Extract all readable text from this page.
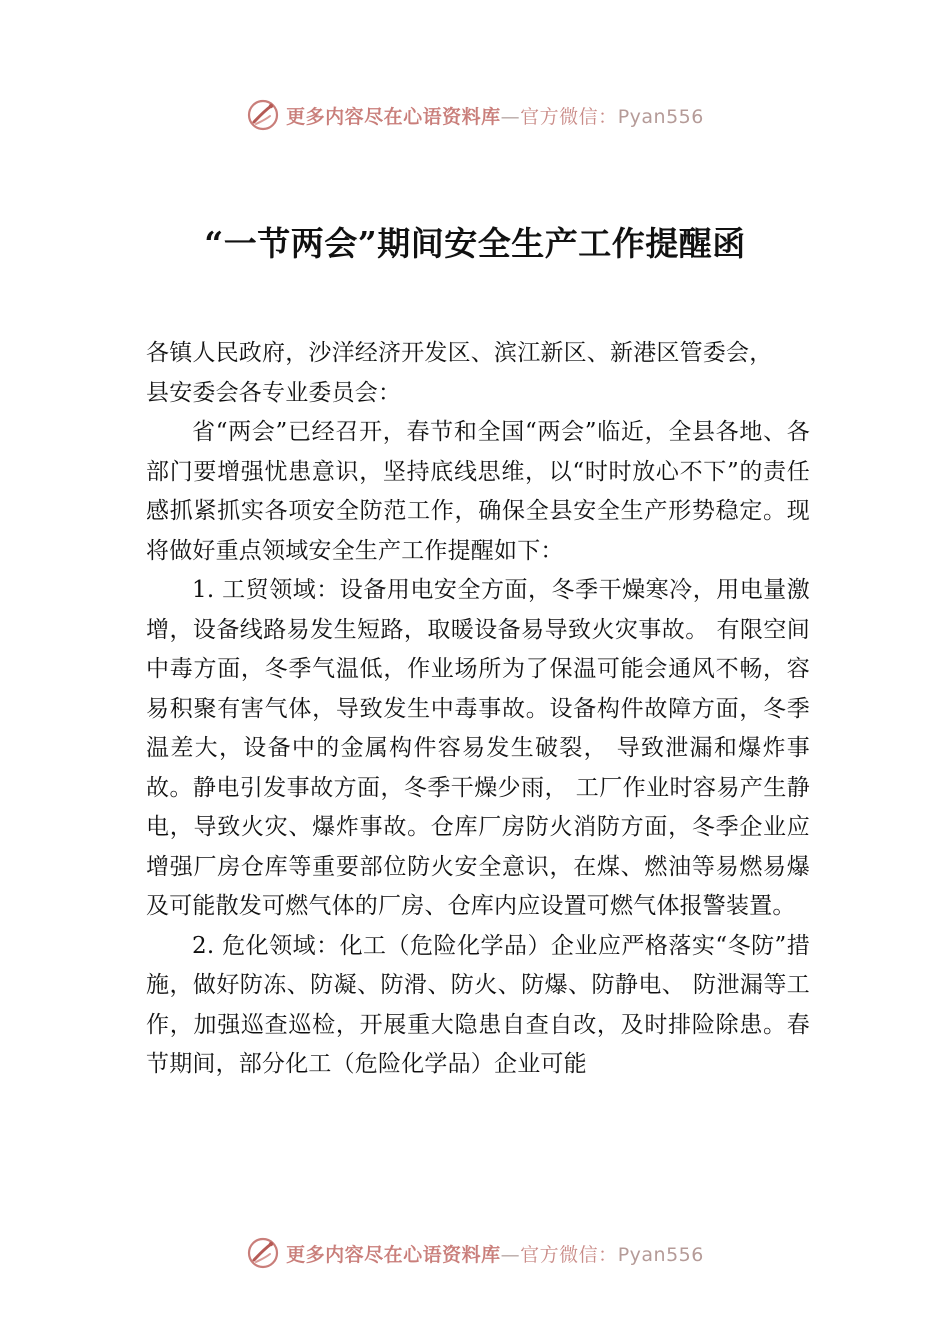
更多内容尽在心语资料库—官方微信：Pyan556
“一节两会”期间安全生产工作提醒函

各镇人民政府，沙洋经济开发区、滨江新区、新港区管委会，

县安委会各专业委员会：

省“两会”已经召开，春节和全国“两会”临近，全县各地、各部门要增强忧患意识，坚持底线思维，以“时时放心不下”的责任感抓紧抓实各项安全防范工作，确保全县安全生产形势稳定。现将做好重点领域安全生产工作提醒如下：

1. 工贸领域：设备用电安全方面，冬季干燥寒冷，用电量激增，设备线路易发生短路，取暖设备易导致火灾事故。 有限空间中毒方面，冬季气温低，作业场所为了保温可能会通风不畅，容易积聚有害气体，导致发生中毒事故。设备构件故障方面，冬季温差大，设备中的金属构件容易发生破裂， 导致泄漏和爆炸事故。静电引发事故方面，冬季干燥少雨， 工厂作业时容易产生静电，导致火灾、爆炸事故。仓库厂房防火消防方面，冬季企业应增强厂房仓库等重要部位防火安全意识，在煤、燃油等易燃易爆及可能散发可燃气体的厂房、仓库内应设置可燃气体报警装置。

2. 危化领域：化工（危险化学品）企业应严格落实“冬防”措施，做好防冻、防凝、防滑、防火、防爆、防静电、 防泄漏等工作，加强巡查巡检，开展重大隐患自查自改，及时排险除患。春节期间，部分化工（危险化学品）企业可能

更多内容尽在心语资料库—官方微信：Pyan556
